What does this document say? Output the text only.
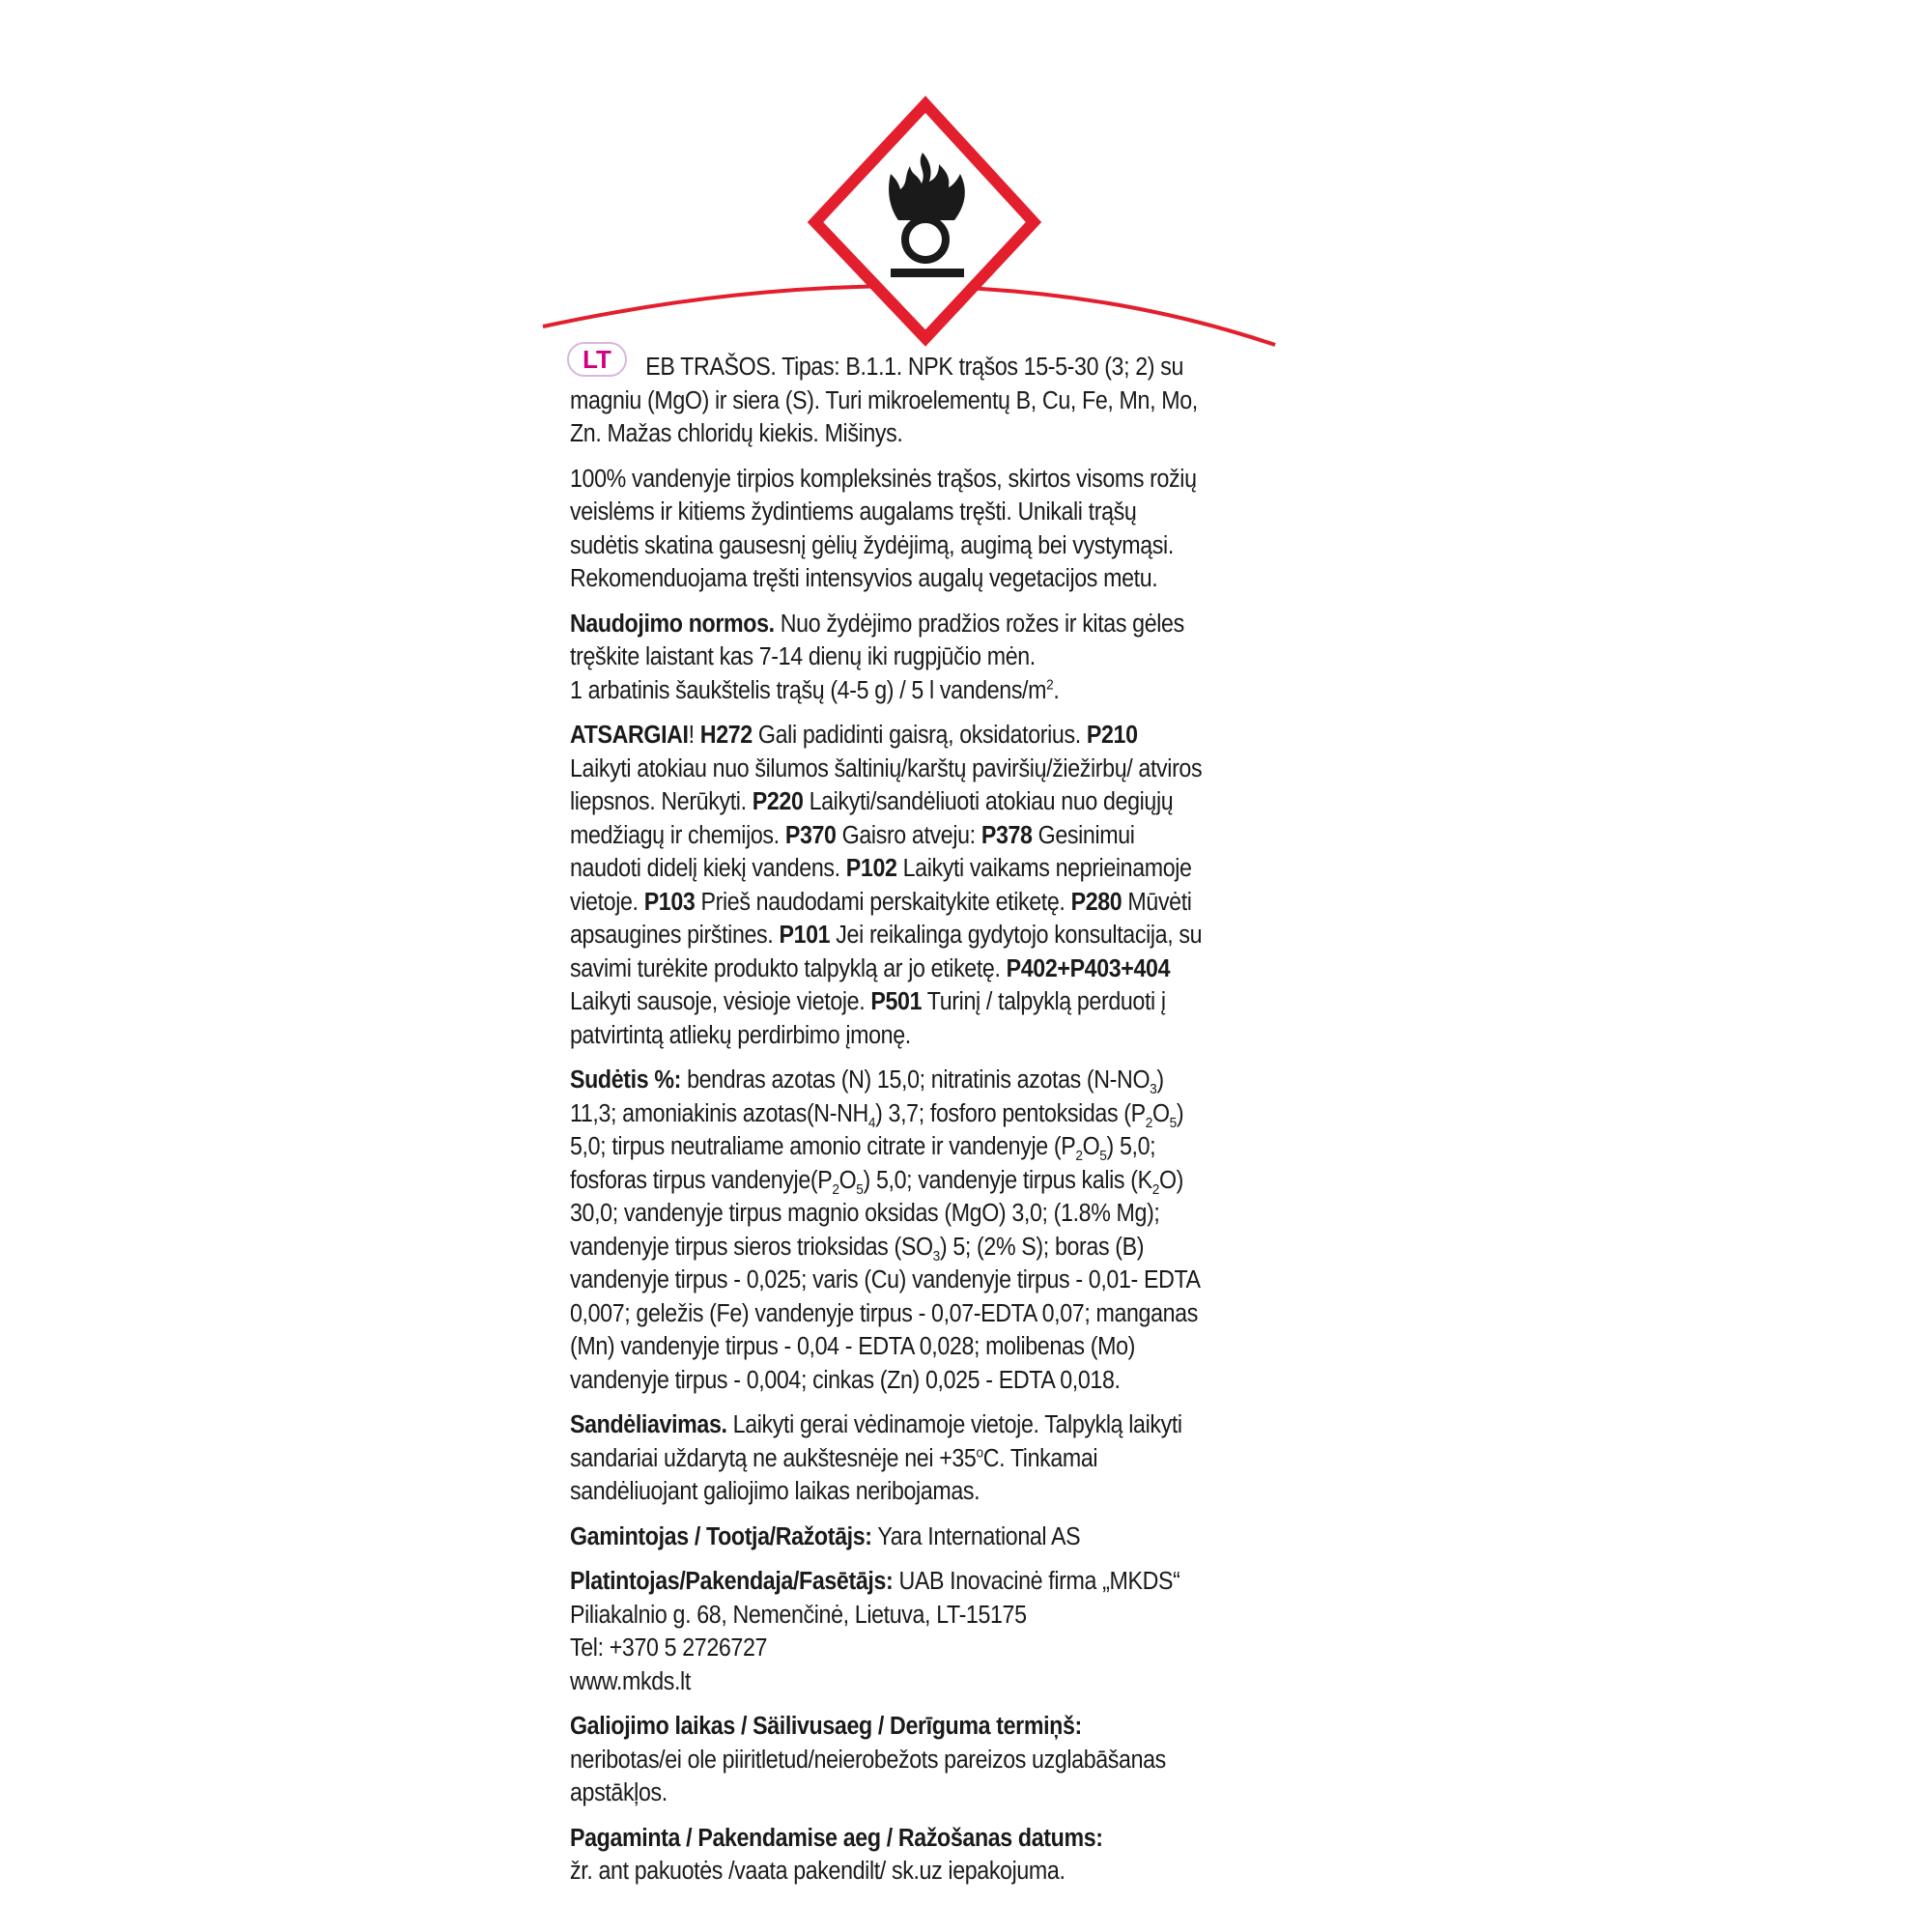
LT	EB TRAŠOS. Tipas: B.1.1. NPK trąšos 15-5-30 (3; 2) su magniu (MgO) ir siera (S). Turi mikroelementų B, Cu, Fe, Mn, Mo, Zn. Mažas chloridų kiekis. Mišinys.

100% vandenyje tirpios kompleksinės trąšos, skirtos visoms rožių veislėms ir kitiems žydintiems augalams tręšti. Unikali trąšų sudėtis skatina gausesnį gėlių žydėjimą, augimą bei vystymąsi. Rekomenduojama tręšti intensyvios augalų vegetacijos metu.

Naudojimo normos. Nuo žydėjimo pradžios rožes ir kitas gėles tręškite laistant kas 7-14 dienų iki rugpjūčio mėn.
1 arbatinis šaukštelis trąšų (4-5 g) / 5 l vandens/$m^2$.

ATSARGIAI! H272 Gali padidinti gaisrą, oksidatorius. P210 Laikyti atokiau nuo šilumos šaltinių/karštų paviršių/žiežirbų/ atviros liepsnos. Nerūkyti. P220 Laikyti/sandėliuoti atokiau nuo degiųjų medžiagų ir chemijos. P370 Gaisro atveju: P378 Gesinimui naudoti didelį kiekį vandens. P102 Laikyti vaikams neprieinamoje vietoje. P103 Prieš naudodami perskaitykite etiketę. P280 Mūvėti apsaugines pirštines. P101 Jei reikalinga gydytojo konsultacija, su savimi turėkite produkto talpyklą ar jo etiketę. P402+P403+404 Laikyti sausoje, vėsioje vietoje. P501 Turinį / talpyklą perduoti į patvirtintą atliekų perdirbimo įmonę.

Sudėtis %: bendras azotas (N) 15,0; nitratinis azotas $(N-NO_3)$ 11,3; amoniakinis $azotas(N-NH_4)$ 3,7; fosforo pentoksidas $(P_2O_5)$ 5,0; tirpus neutraliame amonio citrate ir vandenyje $(P_2O_5)$ 5,0; fosforas tirpus $vandenyje(P_2O_5)$ 5,0; vandenyje tirpus kalis $(K_2O)$ 30,0; vandenyje tirpus magnio oksidas (MgO) 3,0; (1.8% Mg); vandenyje tirpus sieros trioksidas $(SO_3)$ 5; (2% S); boras (B) vandenyje tirpus - 0,025; varis (Cu) vandenyje tirpus - 0,01- EDTA 0,007; geležis (Fe) vandenyje tirpus - 0,07-EDTA 0,07; manganas (Mn) vandenyje tirpus - 0,04 - EDTA 0,028; molibenas (Mo) vandenyje tirpus - 0,004; cinkas (Zn) 0,025 - EDTA 0,018.

Sandėliavimas. Laikyti gerai vėdinamoje vietoje. Talpyklą laikyti sandariai uždarytą ne aukštesnėje nei $+35^oC$. Tinkamai sandėliuojant galiojimo laikas neribojamas.

Gamintojas / Tootja/Ražotājs: Yara International AS

Platintojas/Pakendaja/Fasētājs: UAB Inovacinė firma „MKDS“
Piliakalnio g. 68, Nemenčinė, Lietuva, LT-15175
Tel: +370 5 2726727
www.mkds.lt

Galiojimo laikas / Säilivusaeg / Derīguma termiņš:
neribotas/ei ole piiritletud/neierobežots pareizos uzglabāšanas apstākļos.

Pagaminta / Pakendamise aeg / Ražošanas datums:
žr. ant pakuotės /vaata pakendilt/ sk.uz iepakojuma.
